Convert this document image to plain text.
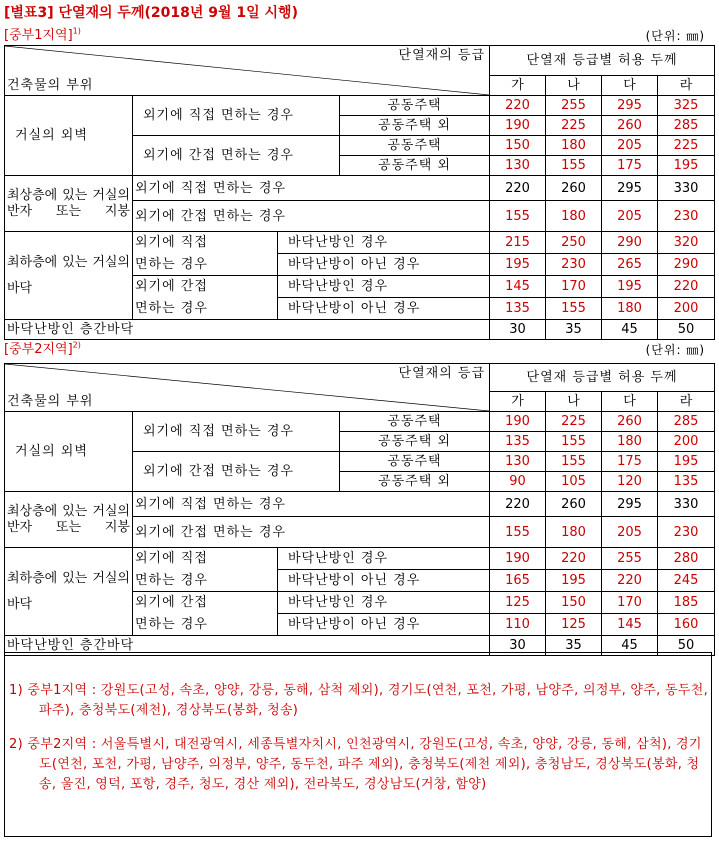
[별표3] 단열재의 두께(2018년 9월 1일 시행)
[중부1지역]$^{1)}$	(단위: ㎜)
단열재의 등급
건축물의 부위				단열재 등급별 허용 두께			
				가	나	다	라
거실의 외벽	외기에 직접 면하는 경우		공동주택	220	255	295	325
			공동주택 외	190	225	260	285
	외기에 간접 면하는 경우		공동주택	150	180	205	225
			공동주택 외	130	155	175	195
최상층에 있는 거실의 반자 또는 지붕	외기에 직접 면하는 경우			220	260	295	330
	외기에 간접 면하는 경우			155	180	205	230
최하층에 있는 거실의 바닥	외기에 직접	바닥난방인 경우		215	250	290	320
	면하는 경우	바닥난방이 아닌 경우		195	230	265	290
	외기에 간접	바닥난방인 경우		145	170	195	220
	면하는 경우	바닥난방이 아닌 경우		135	155	180	200
바닥난방인 층간바닥				30	35	45	50
[중부2지역]$^{2)}$	(단위: ㎜)
단열재의 등급
건축물의 부위				단열재 등급별 허용 두께			
				가	나	다	라
거실의 외벽	외기에 직접 면하는 경우		공동주택	190	225	260	285
			공동주택 외	135	155	180	200
	외기에 간접 면하는 경우		공동주택	130	155	175	195
			공동주택 외	90	105	120	135
최상층에 있는 거실의 반자 또는 지붕	외기에 직접 면하는 경우			220	260	295	330
	외기에 간접 면하는 경우			155	180	205	230
최하층에 있는 거실의 바닥	외기에 직접	바닥난방인 경우		190	220	255	280
	면하는 경우	바닥난방이 아닌 경우		165	195	220	245
	외기에 간접	바닥난방인 경우		125	150	170	185
	면하는 경우	바닥난방이 아닌 경우		110	125	145	160
바닥난방인 층간바닥				30	35	45	50
1) 중부1지역 : 강원도(고성, 속초, 양양, 강릉, 동해, 삼척 제외), 경기도(연천, 포천, 가평, 남양주, 의정부, 양주, 동두천, 파주), 충청북도(제천), 경상북도(봉화, 청송)
2) 중부2지역 : 서울특별시, 대전광역시, 세종특별자치시, 인천광역시, 강원도(고성, 속초, 양양, 강릉, 동해, 삼척), 경기도(연천, 포천, 가평, 남양주, 의정부, 양주, 동두천, 파주 제외), 충청북도(제천 제외), 충청남도, 경상북도(봉화, 청송, 울진, 영덕, 포항, 경주, 청도, 경산 제외), 전라북도, 경상남도(거창, 함양)
